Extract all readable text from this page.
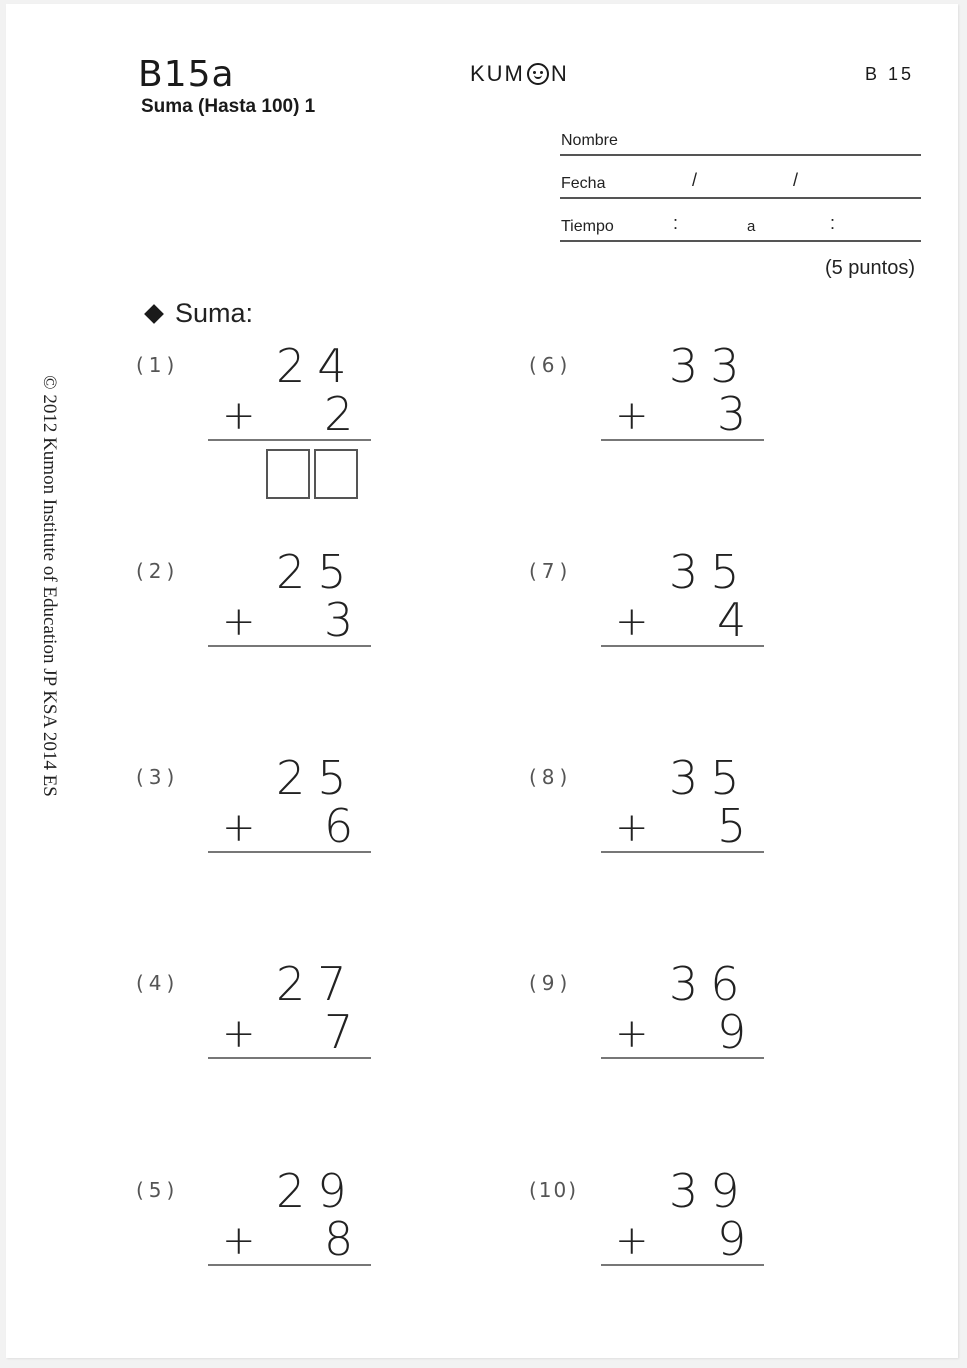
B15a
Suma (Hasta 100) 1
KUM N	B 15
Nombre
Fecha	/	/
Tiempo	:	a	:
(5 puntos)
Suma:
© 2012 Kumon Institute of Education JP KSA 2014 ES
(1) 24
+ 2
(2) 25
+ 3
(3) 25
+ 6
(4) 27
+ 7
(5) 29
+ 8
(6) 33
+ 3
(7) 35
+ 4
(8) 35
+ 5
(9) 36
+ 9
(10) 39
+ 9
